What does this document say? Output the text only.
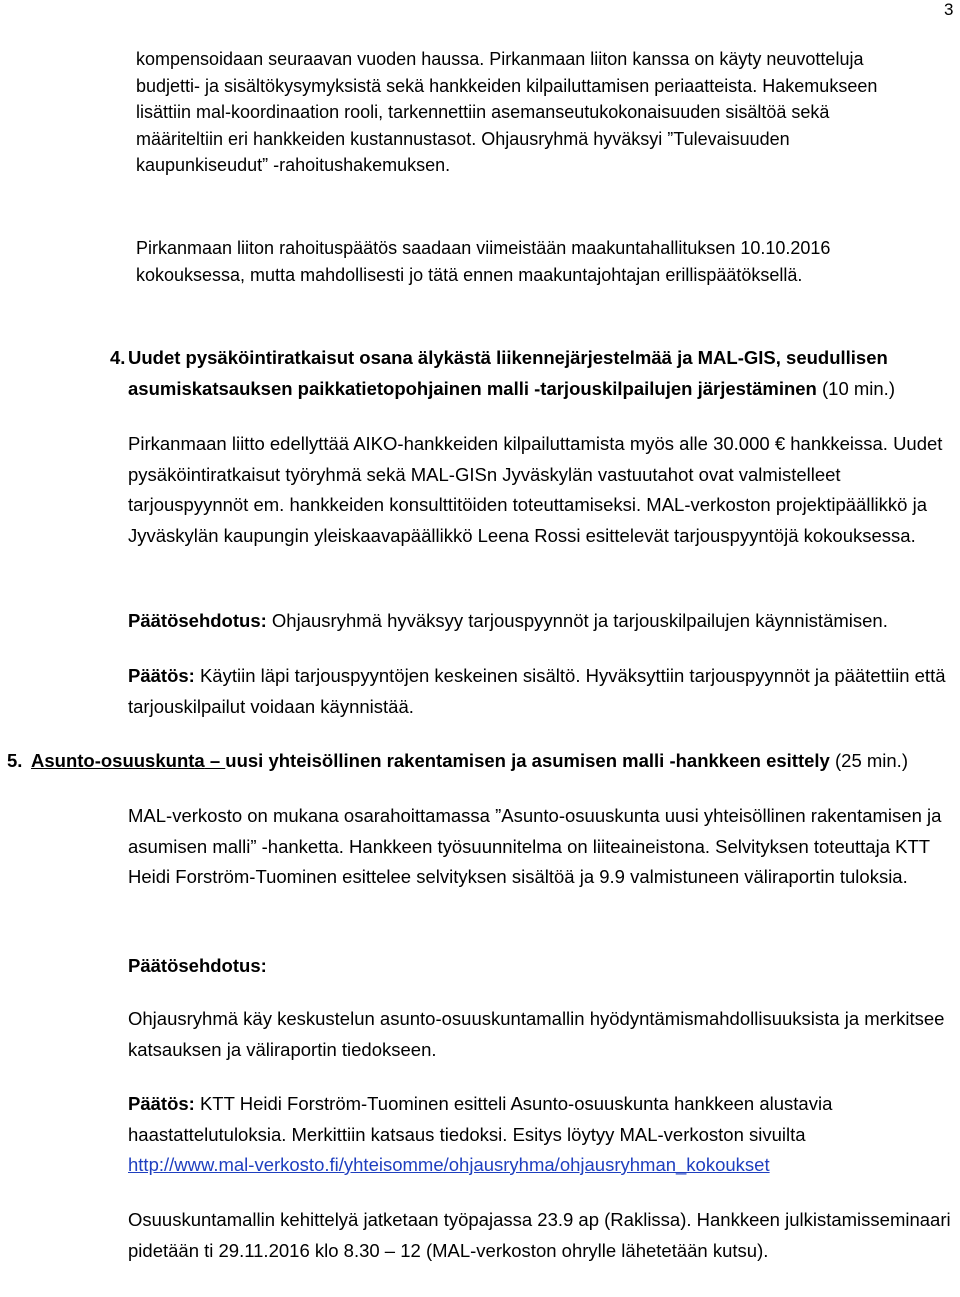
3

kompensoidaan seuraavan vuoden haussa. Pirkanmaan liiton kanssa on käyty neuvotteluja budjetti- ja sisältökysymyksistä sekä hankkeiden kilpailuttamisen periaatteista. Hakemukseen lisättiin mal-koordinaation rooli, tarkennettiin asemanseutukokonaisuuden sisältöä sekä määriteltiin eri hankkeiden kustannustasot. Ohjausryhmä hyväksyi ”Tulevaisuuden kaupunkiseudut” -rahoitushakemuksen.

Pirkanmaan liiton rahoituspäätös saadaan viimeistään maakuntahallituksen 10.10.2016 kokouksessa, mutta mahdollisesti jo tätä ennen maakuntajohtajan erillispäätöksellä.

4. Uudet pysäköintiratkaisut osana älykästä liikennejärjestelmää ja MAL-GIS, seudullisen
asumiskatsauksen paikkatietopohjainen malli -tarjouskilpailujen järjestäminen (10 min.)

Pirkanmaan liitto edellyttää AIKO-hankkeiden kilpailuttamista myös alle 30.000 € hankkeissa. Uudet pysäköintiratkaisut työryhmä sekä MAL-GISn Jyväskylän vastuutahot ovat valmistelleet tarjouspyynnöt em. hankkeiden konsulttitöiden toteuttamiseksi. MAL-verkoston projektipäällikkö ja Jyväskylän kaupungin yleiskaavapäällikkö Leena Rossi esittelevät tarjouspyyntöjä kokouksessa.

Päätösehdotus: Ohjausryhmä hyväksyy tarjouspyynnöt ja tarjouskilpailujen käynnistämisen.

Päätös: Käytiin läpi tarjouspyyntöjen keskeinen sisältö. Hyväksyttiin tarjouspyynnöt ja päätettiin että tarjouskilpailut voidaan käynnistää.

5. Asunto-osuuskunta – uusi yhteisöllinen rakentamisen ja asumisen malli -hankkeen esittely (25 min.)

MAL-verkosto on mukana osarahoittamassa ”Asunto-osuuskunta uusi yhteisöllinen rakentamisen ja asumisen malli” -hanketta. Hankkeen työsuunnitelma on liiteaineistona. Selvityksen toteuttaja KTT Heidi Forström-Tuominen esittelee selvityksen sisältöä ja 9.9 valmistuneen väliraportin tuloksia.

Päätösehdotus:

Ohjausryhmä käy keskustelun asunto-osuuskuntamallin hyödyntämismahdollisuuksista ja merkitsee katsauksen ja väliraportin tiedokseen.

Päätös: KTT Heidi Forström-Tuominen esitteli Asunto-osuuskunta hankkeen alustavia haastattelutuloksia. Merkittiin katsaus tiedoksi. Esitys löytyy MAL-verkoston sivuilta
http://www.mal-verkosto.fi/yhteisomme/ohjausryhma/ohjausryhman_kokoukset

Osuuskuntamallin kehittelyä jatketaan työpajassa 23.9 ap (Raklissa). Hankkeen julkistamisseminaari pidetään ti 29.11.2016 klo 8.30 – 12 (MAL-verkoston ohrylle lähetetään kutsu).
